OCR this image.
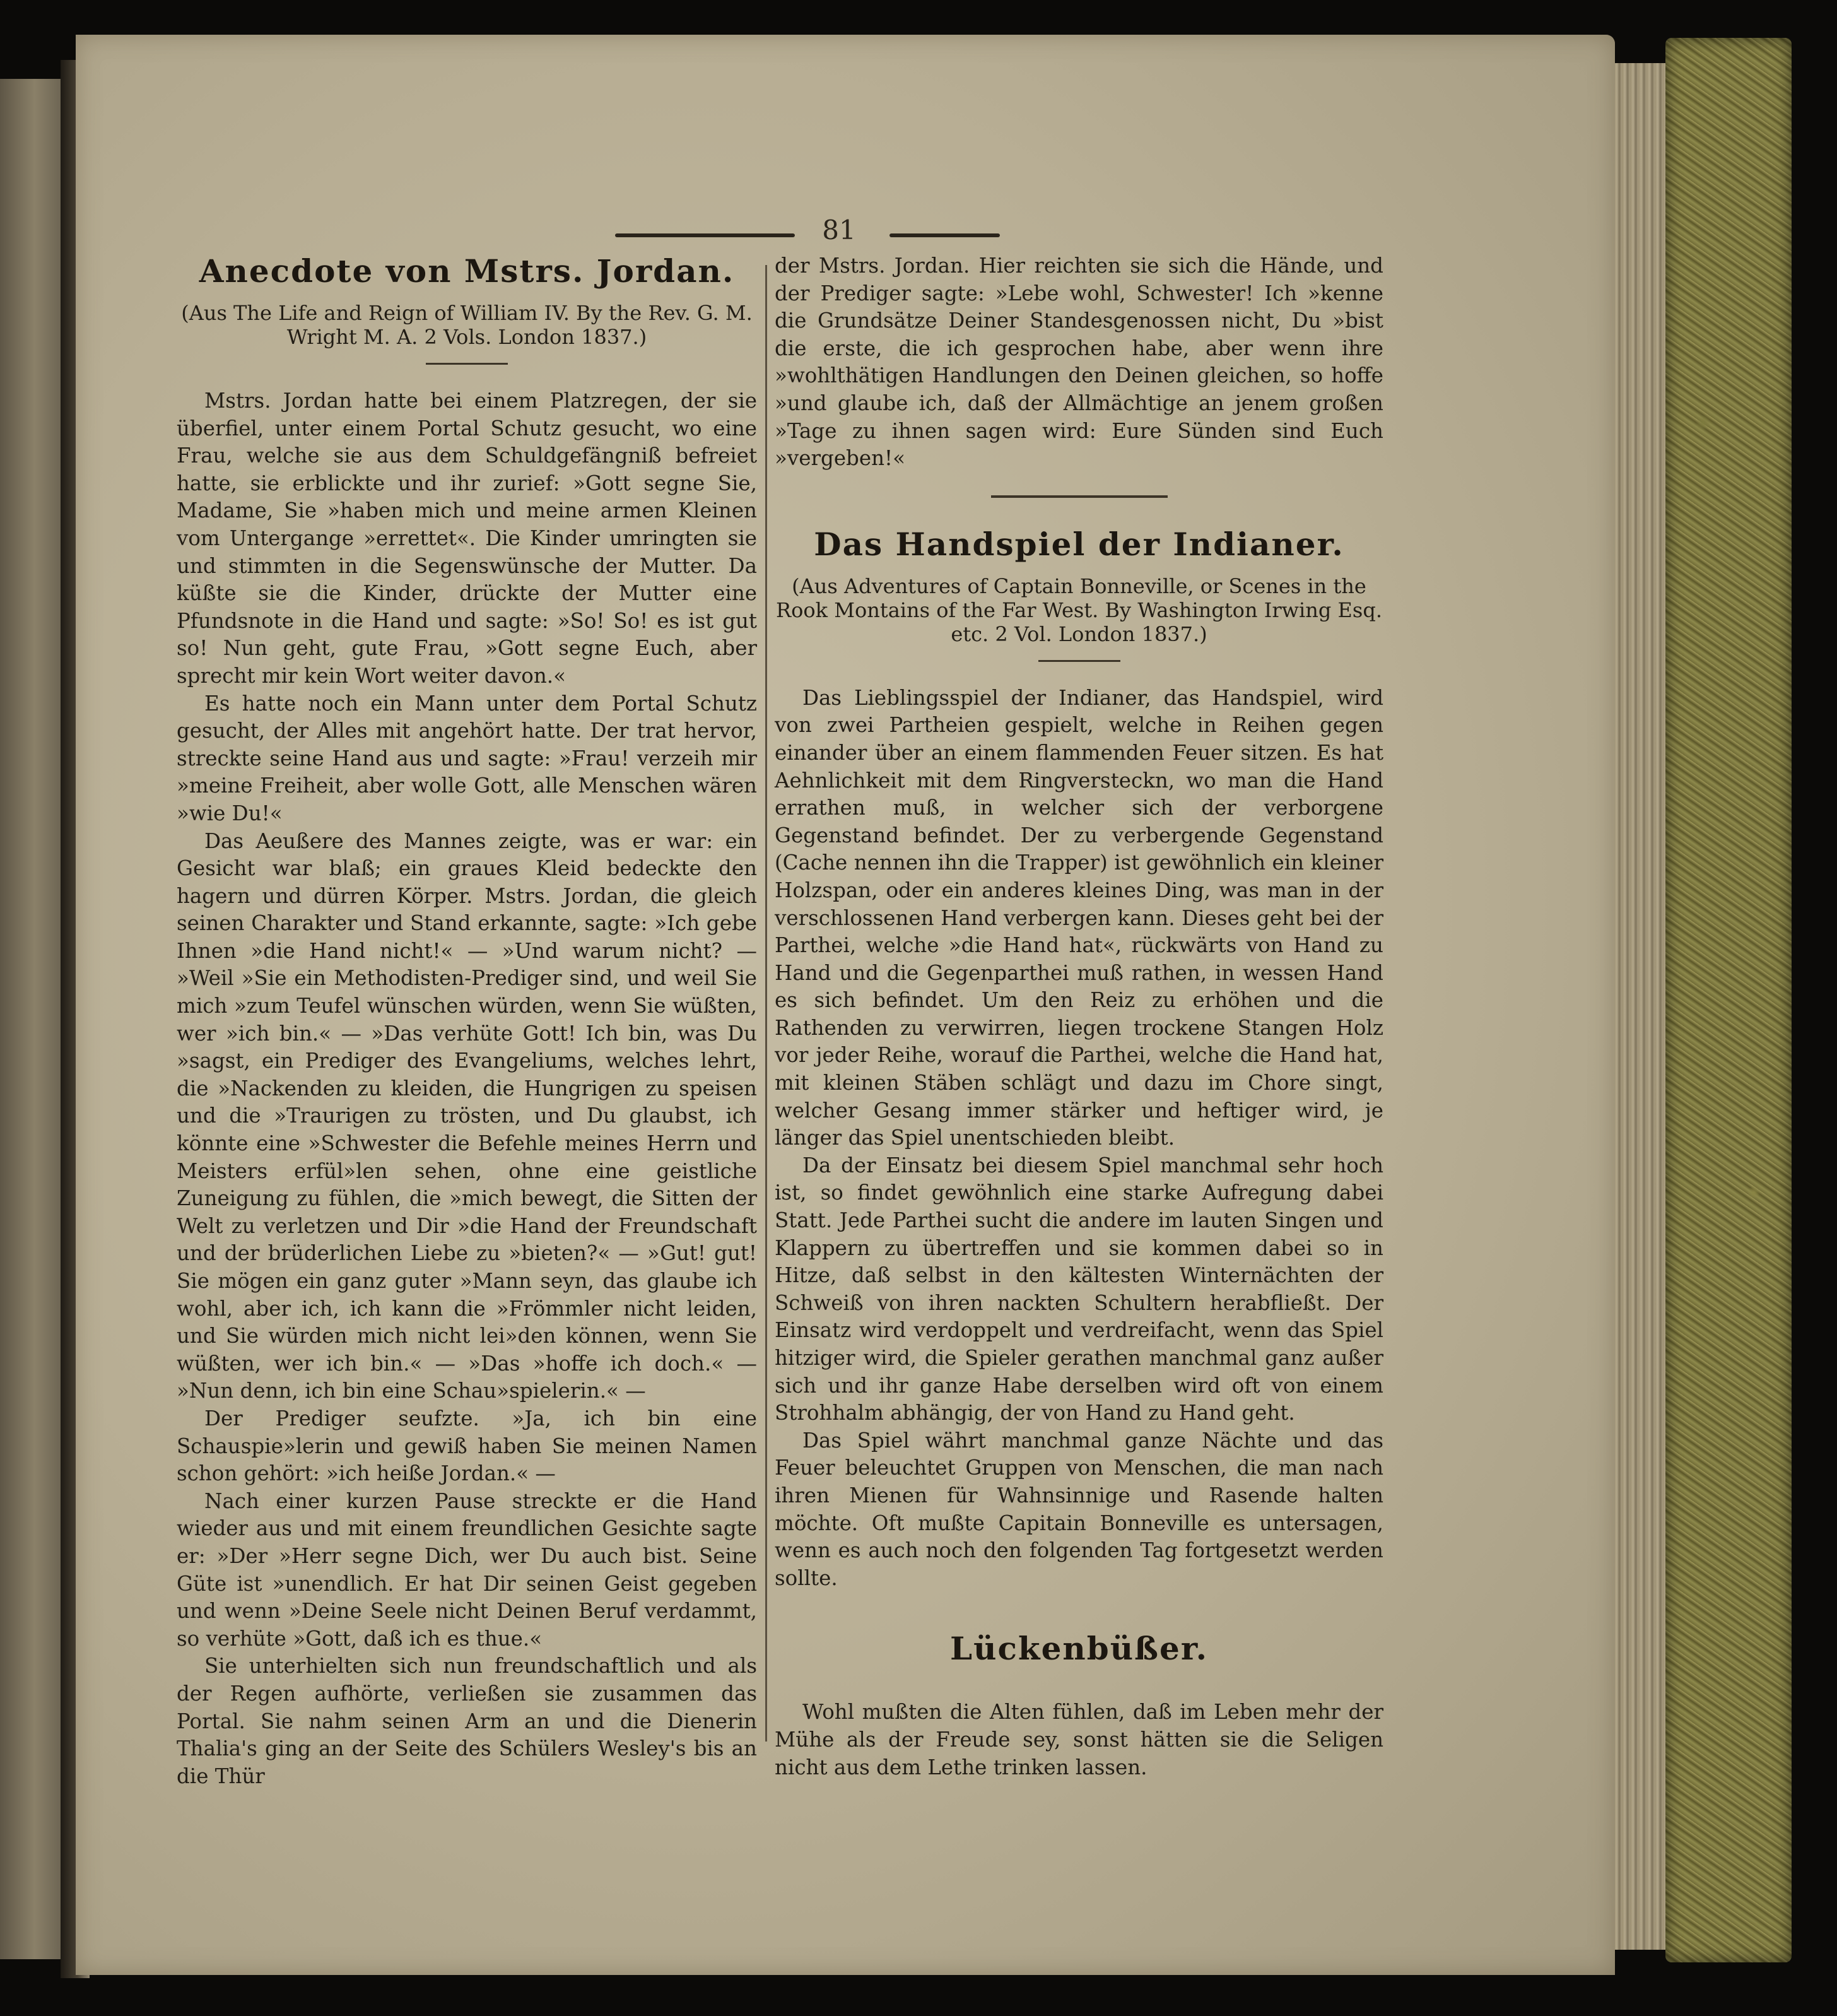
81
Anecdote von Mstrs. Jordan.

(Aus The Life and Reign of William IV. By the Rev. G. M. Wright M. A. 2 Vols. London 1837.)

Mstrs. Jordan hatte bei einem Platzregen, der sie überfiel, unter einem Portal Schutz gesucht, wo eine Frau, welche sie aus dem Schuldgefängniß befreiet hatte, sie erblickte und ihr zurief: »Gott segne Sie, Madame, Sie »haben mich und meine armen Kleinen vom Untergange »errettet«. Die Kinder umringten sie und stimmten in die Segenswünsche der Mutter. Da küßte sie die Kinder, drückte der Mutter eine Pfundsnote in die Hand und sagte: »So! So! es ist gut so! Nun geht, gute Frau, »Gott segne Euch, aber sprecht mir kein Wort weiter davon.«

Es hatte noch ein Mann unter dem Portal Schutz gesucht, der Alles mit angehört hatte. Der trat hervor, streckte seine Hand aus und sagte: »Frau! verzeih mir »meine Freiheit, aber wolle Gott, alle Menschen wären »wie Du!«

Das Aeußere des Mannes zeigte, was er war: ein Gesicht war blaß; ein graues Kleid bedeckte den hagern und dürren Körper. Mstrs. Jordan, die gleich seinen Charakter und Stand erkannte, sagte: »Ich gebe Ihnen »die Hand nicht!« — »Und warum nicht? — »Weil »Sie ein Methodisten-Prediger sind, und weil Sie mich »zum Teufel wünschen würden, wenn Sie wüßten, wer »ich bin.« — »Das verhüte Gott! Ich bin, was Du »sagst, ein Prediger des Evangeliums, welches lehrt, die »Nackenden zu kleiden, die Hungrigen zu speisen und die »Traurigen zu trösten, und Du glaubst, ich könnte eine »Schwester die Befehle meines Herrn und Meisters erfül»len sehen, ohne eine geistliche Zuneigung zu fühlen, die »mich bewegt, die Sitten der Welt zu verletzen und Dir »die Hand der Freundschaft und der brüderlichen Liebe zu »bieten?« — »Gut! gut! Sie mögen ein ganz guter »Mann seyn, das glaube ich wohl, aber ich, ich kann die »Frömmler nicht leiden, und Sie würden mich nicht lei»den können, wenn Sie wüßten, wer ich bin.« — »Das »hoffe ich doch.« — »Nun denn, ich bin eine Schau»spielerin.« —

Der Prediger seufzte. »Ja, ich bin eine Schauspie»lerin und gewiß haben Sie meinen Namen schon gehört: »ich heiße Jordan.« —

Nach einer kurzen Pause streckte er die Hand wieder aus und mit einem freundlichen Gesichte sagte er: »Der »Herr segne Dich, wer Du auch bist. Seine Güte ist »unendlich. Er hat Dir seinen Geist gegeben und wenn »Deine Seele nicht Deinen Beruf verdammt, so verhüte »Gott, daß ich es thue.«

Sie unterhielten sich nun freundschaftlich und als der Regen aufhörte, verließen sie zusammen das Portal. Sie nahm seinen Arm an und die Dienerin Thalia's ging an der Seite des Schülers Wesley's bis an die Thür

der Mstrs. Jordan. Hier reichten sie sich die Hände, und der Prediger sagte: »Lebe wohl, Schwester! Ich »kenne die Grundsätze Deiner Standesgenossen nicht, Du »bist die erste, die ich gesprochen habe, aber wenn ihre »wohlthätigen Handlungen den Deinen gleichen, so hoffe »und glaube ich, daß der Allmächtige an jenem großen »Tage zu ihnen sagen wird: Eure Sünden sind Euch »vergeben!«

Das Handspiel der Indianer.

(Aus Adventures of Captain Bonneville, or Scenes in the Rook Montains of the Far West. By Washington Irwing Esq. etc. 2 Vol. London 1837.)

Das Lieblingsspiel der Indianer, das Handspiel, wird von zwei Partheien gespielt, welche in Reihen gegen einander über an einem flammenden Feuer sitzen. Es hat Aehnlichkeit mit dem Ringversteckn, wo man die Hand errathen muß, in welcher sich der verborgene Gegenstand befindet. Der zu verbergende Gegenstand (Cache nennen ihn die Trapper) ist gewöhnlich ein kleiner Holzspan, oder ein anderes kleines Ding, was man in der verschlossenen Hand verbergen kann. Dieses geht bei der Parthei, welche »die Hand hat«, rückwärts von Hand zu Hand und die Gegenparthei muß rathen, in wessen Hand es sich befindet. Um den Reiz zu erhöhen und die Rathenden zu verwirren, liegen trockene Stangen Holz vor jeder Reihe, worauf die Parthei, welche die Hand hat, mit kleinen Stäben schlägt und dazu im Chore singt, welcher Gesang immer stärker und heftiger wird, je länger das Spiel unentschieden bleibt.

Da der Einsatz bei diesem Spiel manchmal sehr hoch ist, so findet gewöhnlich eine starke Aufregung dabei Statt. Jede Parthei sucht die andere im lauten Singen und Klappern zu übertreffen und sie kommen dabei so in Hitze, daß selbst in den kältesten Winternächten der Schweiß von ihren nackten Schultern herabfließt. Der Einsatz wird verdoppelt und verdreifacht, wenn das Spiel hitziger wird, die Spieler gerathen manchmal ganz außer sich und ihr ganze Habe derselben wird oft von einem Strohhalm abhängig, der von Hand zu Hand geht.

Das Spiel währt manchmal ganze Nächte und das Feuer beleuchtet Gruppen von Menschen, die man nach ihren Mienen für Wahnsinnige und Rasende halten möchte. Oft mußte Capitain Bonneville es untersagen, wenn es auch noch den folgenden Tag fortgesetzt werden sollte.

Lückenbüßer.

Wohl mußten die Alten fühlen, daß im Leben mehr der Mühe als der Freude sey, sonst hätten sie die Seligen nicht aus dem Lethe trinken lassen.
